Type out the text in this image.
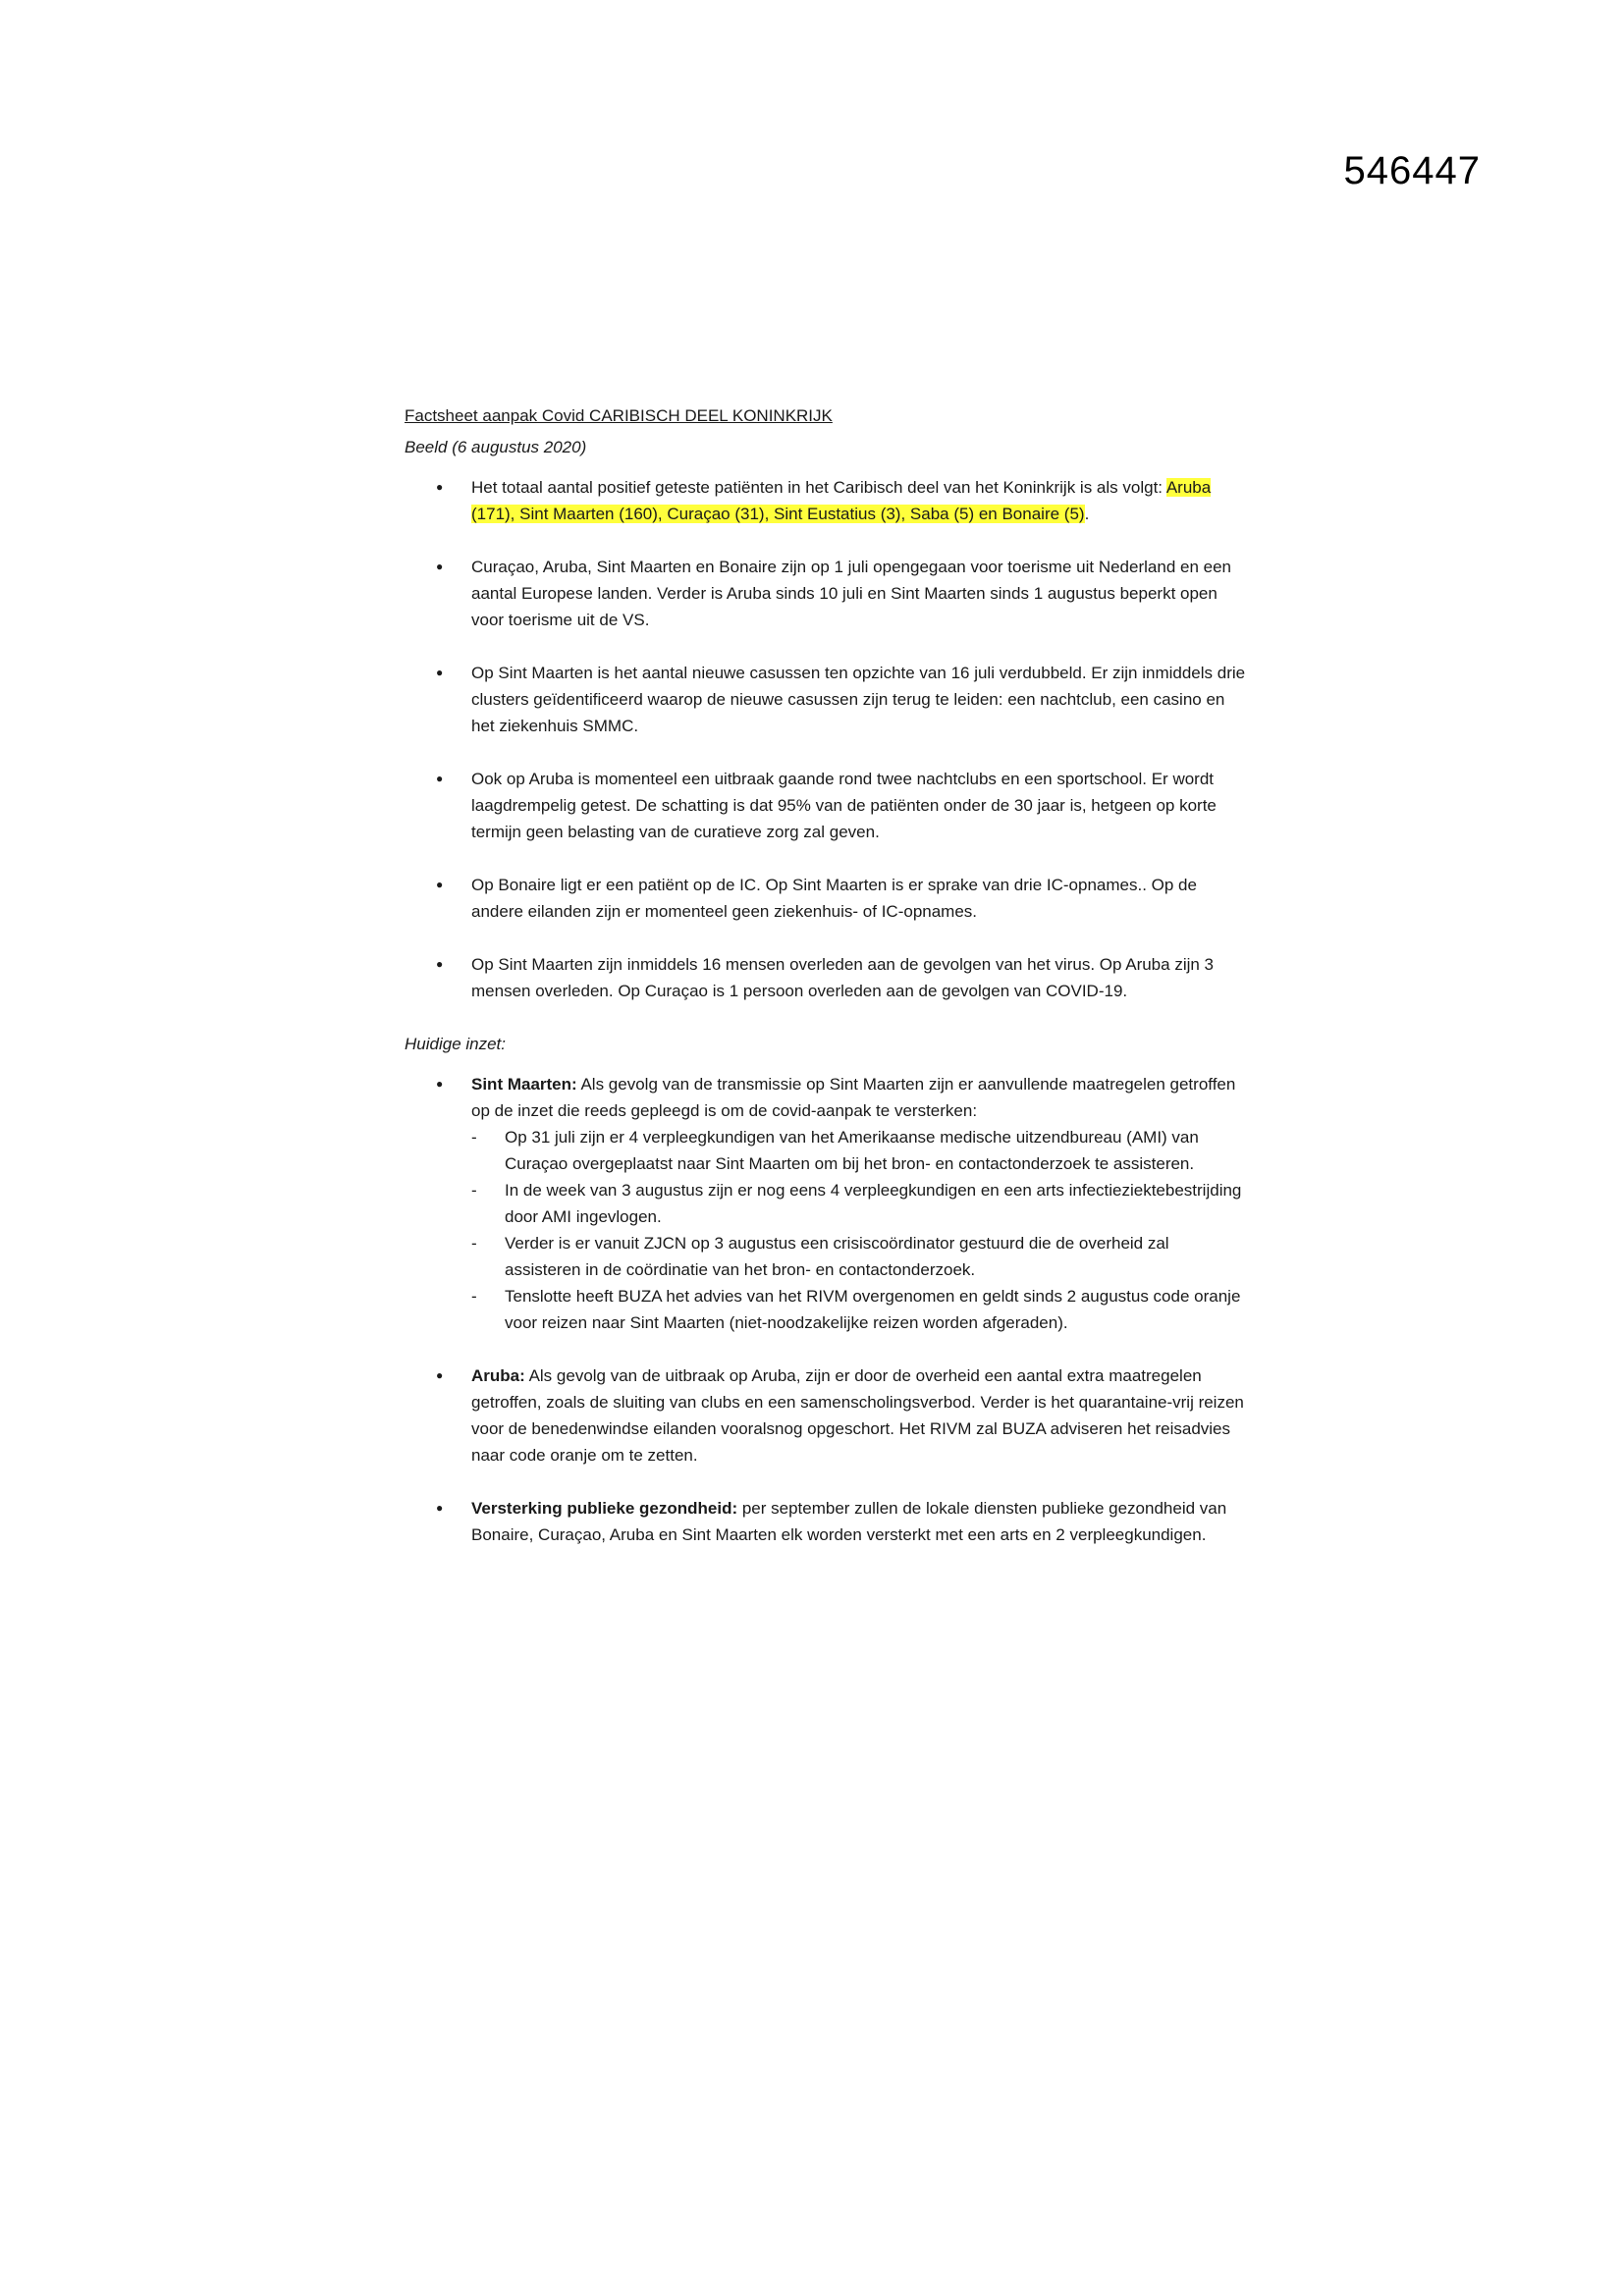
546447
Factsheet aanpak Covid CARIBISCH DEEL KONINKRIJK
Beeld (6 augustus 2020)
● Het totaal aantal positief geteste patiënten in het Caribisch deel van het Koninkrijk is als volgt: Aruba (171), Sint Maarten (160), Curaçao (31), Sint Eustatius (3), Saba (5) en Bonaire (5).
● Curaçao, Aruba, Sint Maarten en Bonaire zijn op 1 juli opengegaan voor toerisme uit Nederland en een aantal Europese landen. Verder is Aruba sinds 10 juli en Sint Maarten sinds 1 augustus beperkt open voor toerisme uit de VS.
● Op Sint Maarten is het aantal nieuwe casussen ten opzichte van 16 juli verdubbeld. Er zijn inmiddels drie clusters geïdentificeerd waarop de nieuwe casussen zijn terug te leiden: een nachtclub, een casino en het ziekenhuis SMMC.
● Ook op Aruba is momenteel een uitbraak gaande rond twee nachtclubs en een sportschool. Er wordt laagdrempelig getest. De schatting is dat 95% van de patiënten onder de 30 jaar is, hetgeen op korte termijn geen belasting van de curatieve zorg zal geven.
● Op Bonaire ligt er een patiënt op de IC. Op Sint Maarten is er sprake van drie IC-opnames.. Op de andere eilanden zijn er momenteel geen ziekenhuis- of IC-opnames.
● Op Sint Maarten zijn inmiddels 16 mensen overleden aan de gevolgen van het virus. Op Aruba zijn 3 mensen overleden. Op Curaçao is 1 persoon overleden aan de gevolgen van COVID-19.
Huidige inzet:
● Sint Maarten: Als gevolg van de transmissie op Sint Maarten zijn er aanvullende maatregelen getroffen op de inzet die reeds gepleegd is om de covid-aanpak te versterken:
- Op 31 juli zijn er 4 verpleegkundigen van het Amerikaanse medische uitzendbureau (AMI) van Curaçao overgeplaatst naar Sint Maarten om bij het bron- en contactonderzoek te assisteren.
- In de week van 3 augustus zijn er nog eens 4 verpleegkundigen en een arts infectieziektebestrijding door AMI ingevlogen.
- Verder is er vanuit ZJCN op 3 augustus een crisiscoördinator gestuurd die de overheid zal assisteren in de coördinatie van het bron- en contactonderzoek.
- Tenslotte heeft BUZA het advies van het RIVM overgenomen en geldt sinds 2 augustus code oranje voor reizen naar Sint Maarten (niet-noodzakelijke reizen worden afgeraden).
● Aruba: Als gevolg van de uitbraak op Aruba, zijn er door de overheid een aantal extra maatregelen getroffen, zoals de sluiting van clubs en een samenscholingsverbod. Verder is het quarantaine-vrij reizen voor de benedenwindse eilanden vooralsnog opgeschort. Het RIVM zal BUZA adviseren het reisadvies naar code oranje om te zetten.
● Versterking publieke gezondheid: per september zullen de lokale diensten publieke gezondheid van Bonaire, Curaçao, Aruba en Sint Maarten elk worden versterkt met een arts en 2 verpleegkundigen.
